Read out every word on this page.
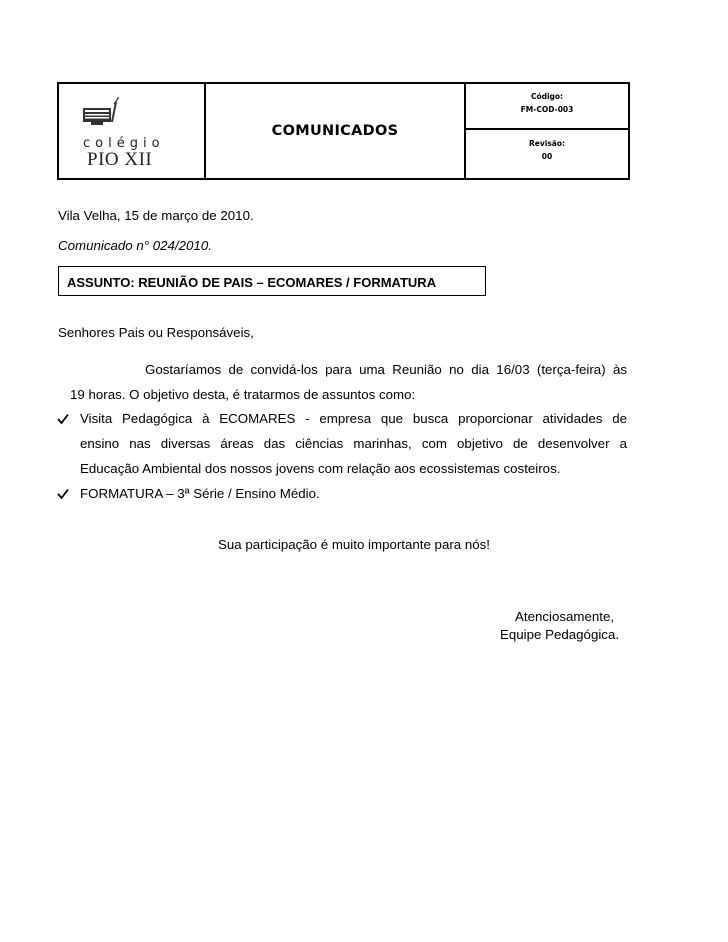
colégio
PIO XII
COMUNICADOS
Código:
FM-COD-003
Revisão:
00
Vila Velha, 15 de março de 2010.
Comunicado n° 024/2010.
ASSUNTO: REUNIÃO DE PAIS – ECOMARES / FORMATURA
Senhores Pais ou Responsáveis,
Gostaríamos de convidá-los para uma Reunião no dia 16/03 (terça-feira) às
19 horas. O objetivo desta, é tratarmos de assuntos como:
Visita Pedagógica à ECOMARES - empresa que busca proporcionar atividades de
ensino nas diversas áreas das ciências marinhas, com objetivo de desenvolver a
Educação Ambiental dos nossos jovens com relação aos ecossistemas costeiros.
FORMATURA – 3ª Série / Ensino Médio.
Sua participação é muito importante para nós!
Atenciosamente,
Equipe Pedagógica.
